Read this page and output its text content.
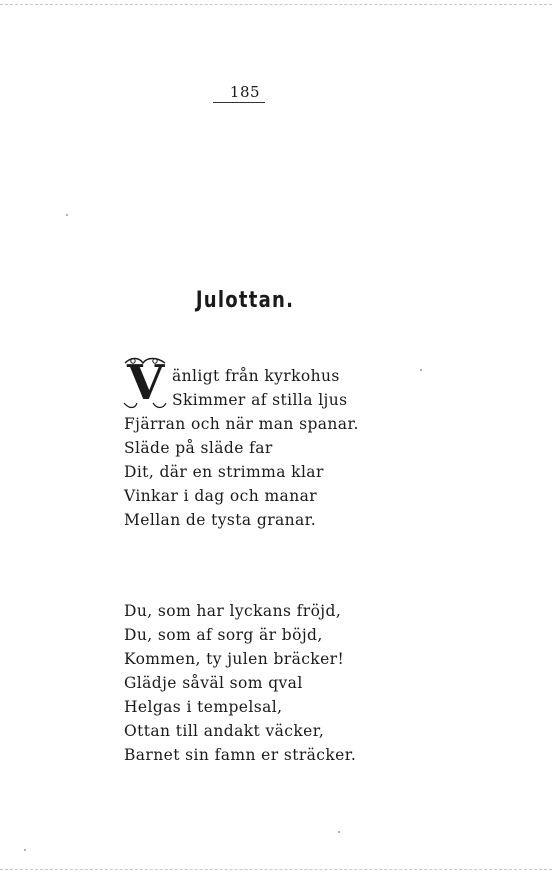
185
Julottan.
V änligt från kyrkohus
Skimmer af stilla ljus
Fjärran och när man spanar.
Släde på släde far
Dit, där en strimma klar
Vinkar i dag och manar
Mellan de tysta granar.
Du, som har lyckans fröjd,
Du, som af sorg är böjd,
Kommen, ty julen bräcker!
Glädje såväl som qval
Helgas i tempelsal,
Ottan till andakt väcker,
Barnet sin famn er sträcker.
